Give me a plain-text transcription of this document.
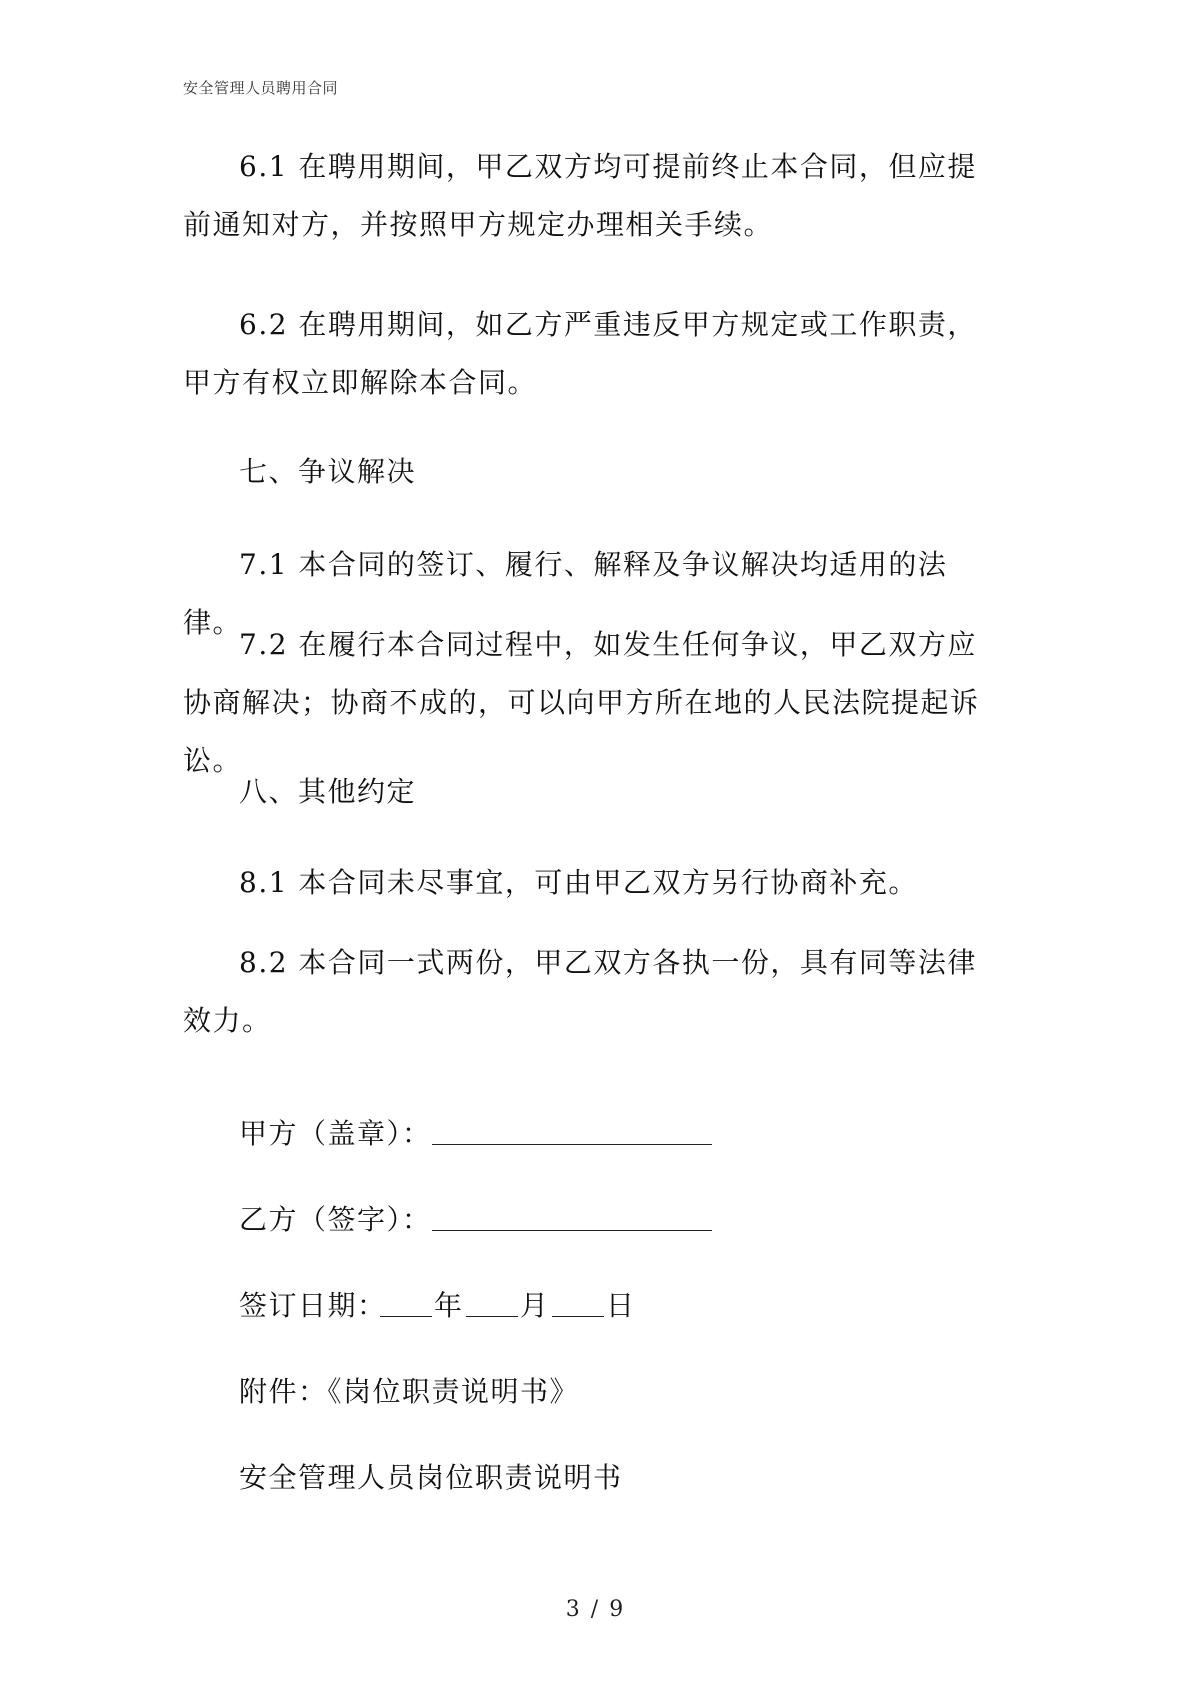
安全管理人员聘用合同

6.1 在聘用期间，甲乙双方均可提前终止本合同，但应提前通知对方，并按照甲方规定办理相关手续。

6.2 在聘用期间，如乙方严重违反甲方规定或工作职责，甲方有权立即解除本合同。

七、争议解决

7.1 本合同的签订、履行、解释及争议解决均适用的法律。

7.2 在履行本合同过程中，如发生任何争议，甲乙双方应协商解决；协商不成的，可以向甲方所在地的人民法院提起诉讼。

八、其他约定

8.1 本合同未尽事宜，可由甲乙双方另行协商补充。

8.2 本合同一式两份，甲乙双方各执一份，具有同等法律效力。

甲方（盖章）：
乙方（签字）：
签订日期： 年 月 日
附件：《岗位职责说明书》
安全管理人员岗位职责说明书
3 / 9
